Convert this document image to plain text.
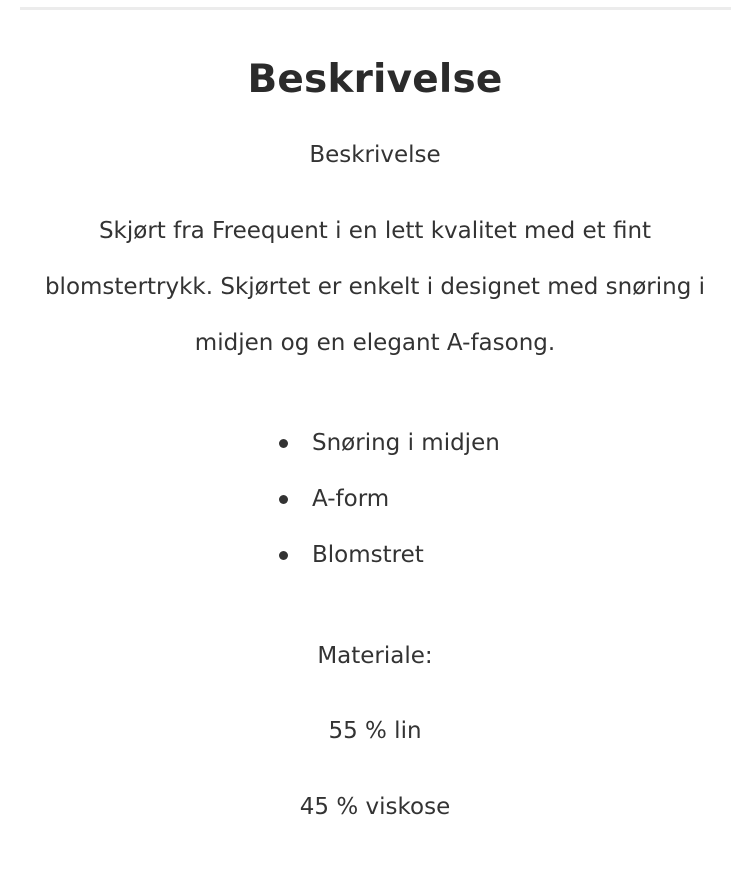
Beskrivelse
Beskrivelse

Skjørt fra Freequent i en lett kvalitet med et fint blomstertrykk. Skjørtet er enkelt i designet med snøring i midjen og en elegant A-fasong.

Snøring i midjen
A-form
Blomstret
Materiale:
55 % lin
45 % viskose
